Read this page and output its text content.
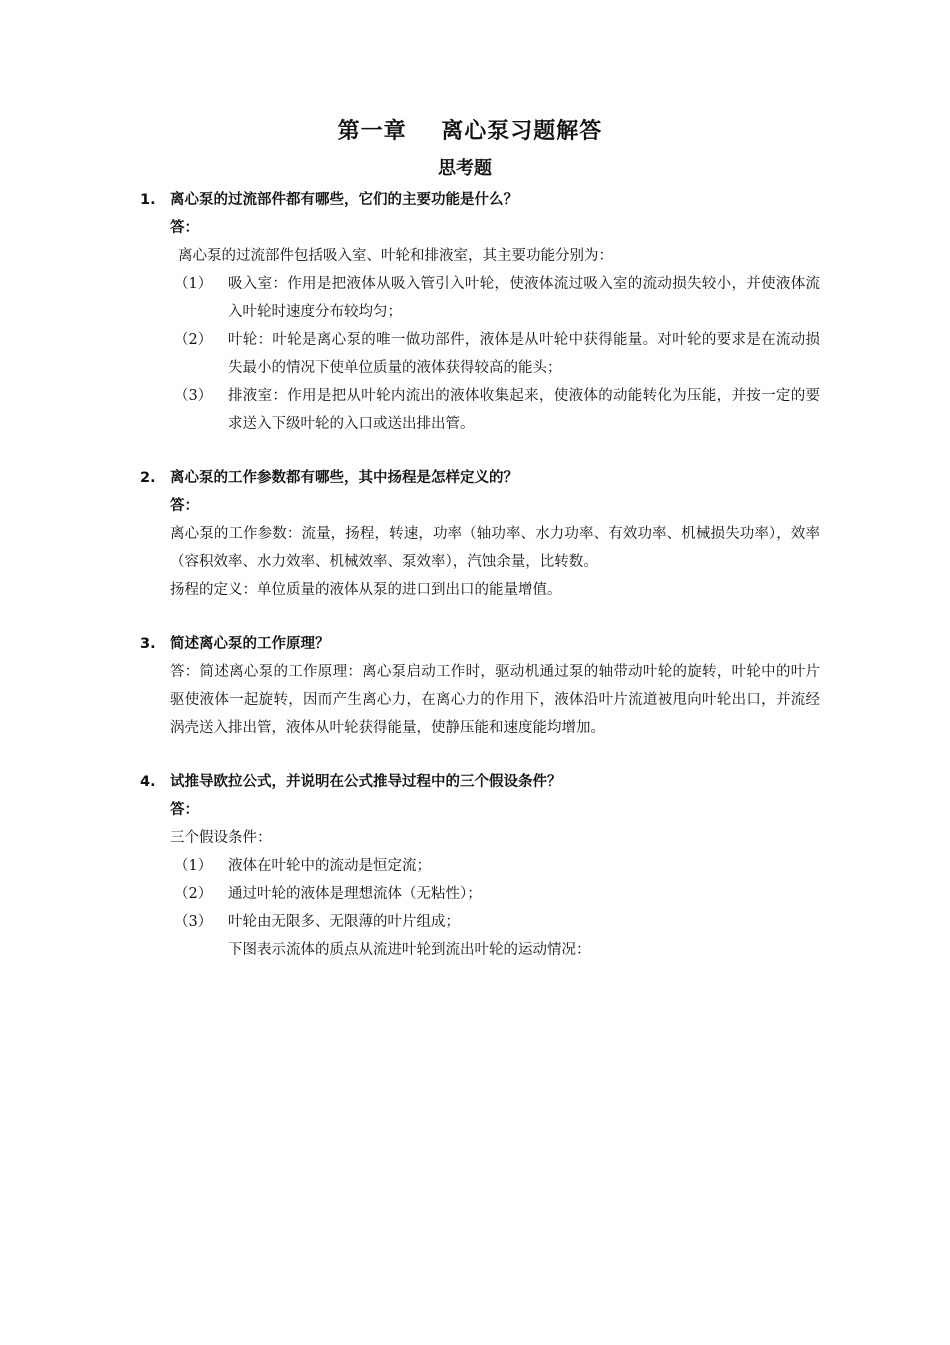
第一章    离心泵习题解答
思考题
1. 离心泵的过流部件都有哪些，它们的主要功能是什么？
答：
离心泵的过流部件包括吸入室、叶轮和排液室，其主要功能分别为：
（1）	吸入室：作用是把液体从吸入管引入叶轮，使液体流过吸入室的流动损失较小，并使液体流入叶轮时速度分布较均匀；
（2）	叶轮：叶轮是离心泵的唯一做功部件，液体是从叶轮中获得能量。对叶轮的要求是在流动损失最小的情况下使单位质量的液体获得较高的能头；
（3）	排液室：作用是把从叶轮内流出的液体收集起来，使液体的动能转化为压能，并按一定的要求送入下级叶轮的入口或送出排出管。
2. 离心泵的工作参数都有哪些，其中扬程是怎样定义的？
答：
离心泵的工作参数：流量，扬程，转速，功率（轴功率、水力功率、有效功率、机械损失功率），效率（容积效率、水力效率、机械效率、泵效率），汽蚀余量，比转数。
扬程的定义：单位质量的液体从泵的进口到出口的能量增值。
3. 简述离心泵的工作原理？
答：简述离心泵的工作原理：离心泵启动工作时，驱动机通过泵的轴带动叶轮的旋转，叶轮中的叶片驱使液体一起旋转，因而产生离心力，在离心力的作用下，液体沿叶片流道被甩向叶轮出口，并流经涡壳送入排出管，液体从叶轮获得能量，使静压能和速度能均增加。
4. 试推导欧拉公式，并说明在公式推导过程中的三个假设条件？
答：
三个假设条件：
（1）	液体在叶轮中的流动是恒定流；
（2）	通过叶轮的液体是理想流体（无粘性）；
（3）	叶轮由无限多、无限薄的叶片组成；
下图表示流体的质点从流进叶轮到流出叶轮的运动情况：
